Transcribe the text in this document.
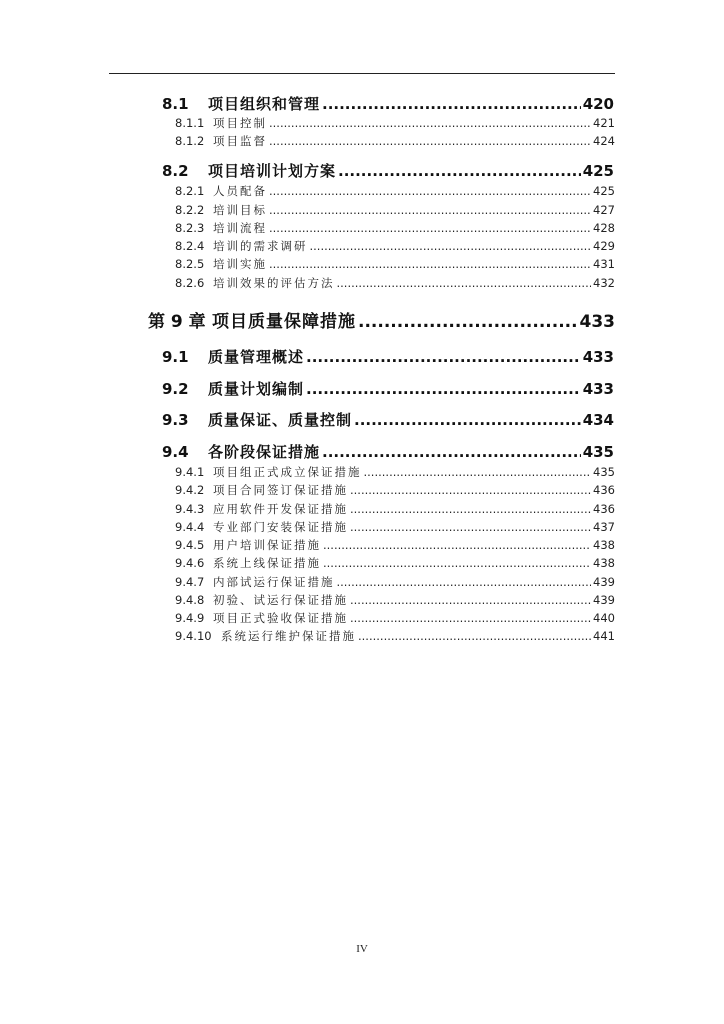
8.1	项目组织和管理 .....	420
8.1.1 项目控制 .....	421
8.1.2 项目监督 .....	424
8.2	项目培训计划方案 .....	425
8.2.1 人员配备 .....	425
8.2.2 培训目标 .....	427
8.2.3 培训流程 .....	428
8.2.4 培训的需求调研 .....	429
8.2.5 培训实施 .....	431
8.2.6 培训效果的评估方法 .....	432
第 9 章 项目质量保障措施 .....	433
9.1	质量管理概述 .....	433
9.2	质量计划编制 .....	433
9.3	质量保证、质量控制 .....	434
9.4	各阶段保证措施 .....	435
9.4.1 项目组正式成立保证措施 .....	435
9.4.2 项目合同签订保证措施 .....	436
9.4.3 应用软件开发保证措施 .....	436
9.4.4 专业部门安装保证措施 .....	437
9.4.5 用户培训保证措施 .....	438
9.4.6 系统上线保证措施 .....	438
9.4.7 内部试运行保证措施 .....	439
9.4.8 初验、试运行保证措施 .....	439
9.4.9 项目正式验收保证措施 .....	440
9.4.10 系统运行维护保证措施 .....	441
IV
